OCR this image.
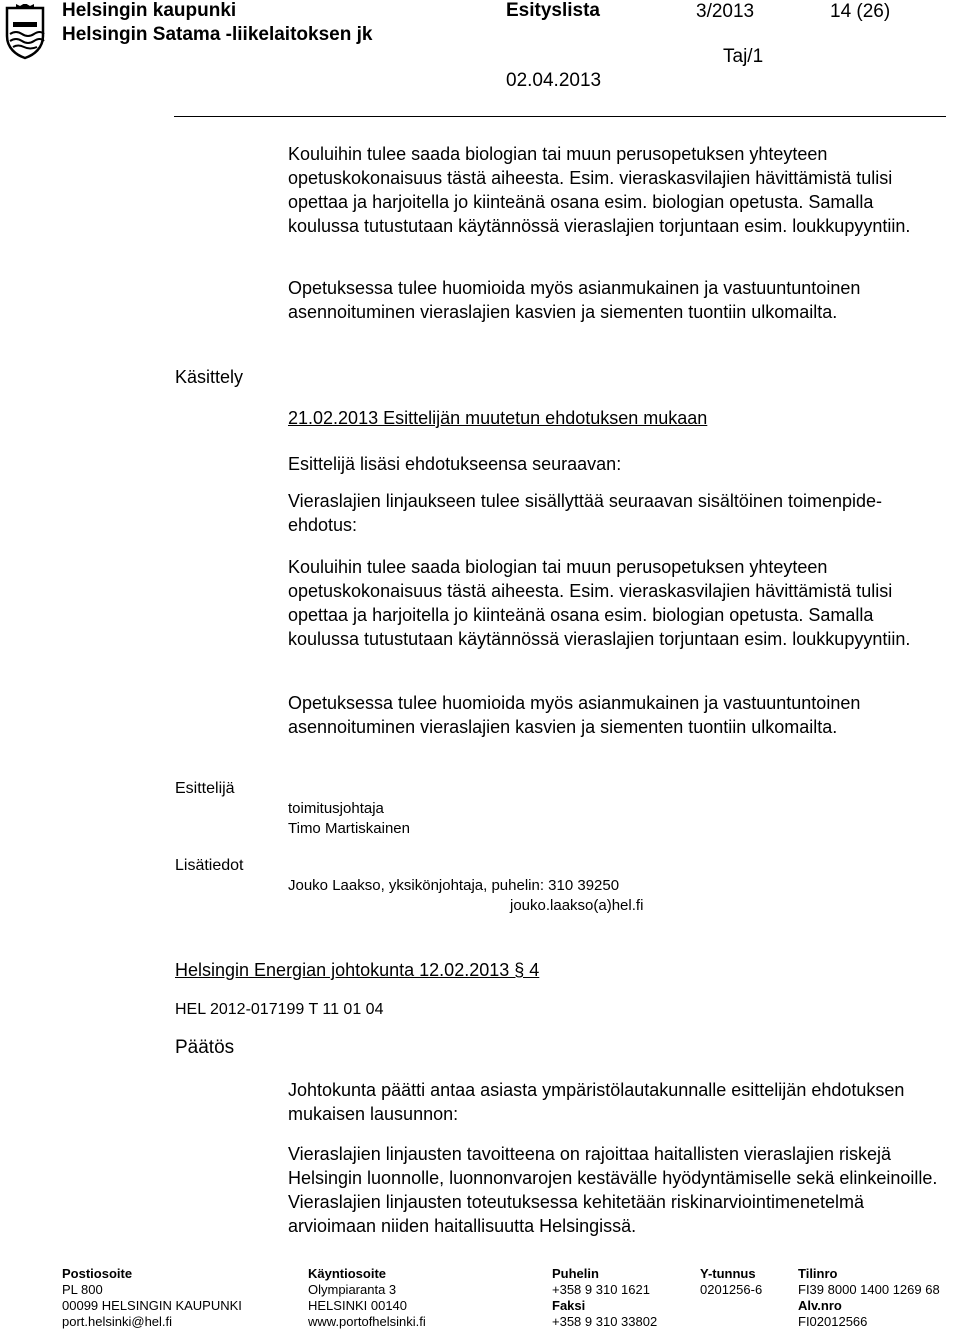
Helsingin kaupunki
Helsingin Satama -liikelaitoksen jk
Esityslista	3/2013	14 (26)
Taj/1
02.04.2013

Kouluihin tulee saada biologian tai muun perusopetuksen yhteyteen opetuskokonaisuus tästä aiheesta. Esim. vieraskasvilajien hävittämistä tulisi opettaa ja harjoitella jo kiinteänä osana esim. biologian opetusta. Samalla koulussa tutustutaan käytännössä vieraslajien torjuntaan esim. loukkupyyntiin.

Opetuksessa tulee huomioida myös asianmukainen ja vastuuntuntoinen asennoituminen vieraslajien kasvien ja siementen tuontiin ulkomailta.

Käsittely

21.02.2013 Esittelijän muutetun ehdotuksen mukaan

Esittelijä lisäsi ehdotukseensa seuraavan:

Vieraslajien linjaukseen tulee sisällyttää seuraavan sisältöinen toimenpide-ehdotus:

Kouluihin tulee saada biologian tai muun perusopetuksen yhteyteen opetuskokonaisuus tästä aiheesta. Esim. vieraskasvilajien hävittämistä tulisi opettaa ja harjoitella jo kiinteänä osana esim. biologian opetusta. Samalla koulussa tutustutaan käytännössä vieraslajien torjuntaan esim. loukkupyyntiin.

Opetuksessa tulee huomioida myös asianmukainen ja vastuuntuntoinen asennoituminen vieraslajien kasvien ja siementen tuontiin ulkomailta.

Esittelijä
toimitusjohtaja
Timo Martiskainen
Lisätiedot
Jouko Laakso, yksikönjohtaja, puhelin: 310 39250
jouko.laakso(a)hel.fi
Helsingin Energian johtokunta 12.02.2013 § 4
HEL 2012-017199 T 11 01 04
Päätös

Johtokunta päätti antaa asiasta ympäristölautakunnalle esittelijän ehdotuksen mukaisen lausunnon:

Vieraslajien linjausten tavoitteena on rajoittaa haitallisten vieraslajien riskejä Helsingin luonnolle, luonnonvarojen kestävälle hyödyntämiselle sekä elinkeinoille. Vieraslajien linjausten toteutuksessa kehitetään riskinarviointimenetelmä arvioimaan niiden haitallisuutta Helsingissä.

Postiosoite
PL 800
00099 HELSINGIN KAUPUNKI
port.helsinki@hel.fi
Käyntiosoite
Olympiaranta 3
HELSINKI 00140
www.portofhelsinki.fi
Puhelin
+358 9 310 1621
Faksi
+358 9 310 33802
Y-tunnus
0201256-6
Tilinro
FI39 8000 1400 1269 68
Alv.nro
FI02012566
